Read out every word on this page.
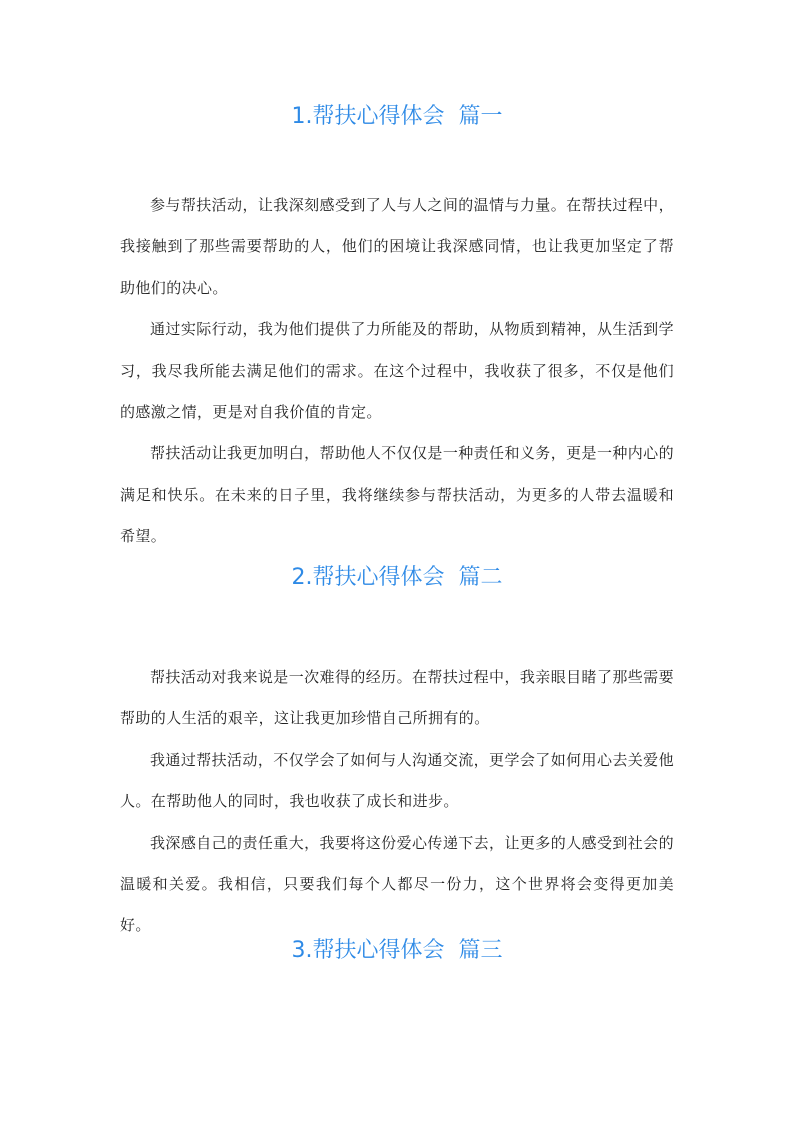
1.帮扶心得体会  篇一

参与帮扶活动，让我深刻感受到了人与人之间的温情与力量。在帮扶过程中，我接触到了那些需要帮助的人，他们的困境让我深感同情，也让我更加坚定了帮助他们的决心。

通过实际行动，我为他们提供了力所能及的帮助，从物质到精神，从生活到学习，我尽我所能去满足他们的需求。在这个过程中，我收获了很多，不仅是他们的感激之情，更是对自我价值的肯定。

帮扶活动让我更加明白，帮助他人不仅仅是一种责任和义务，更是一种内心的满足和快乐。在未来的日子里，我将继续参与帮扶活动，为更多的人带去温暖和希望。

2.帮扶心得体会  篇二

帮扶活动对我来说是一次难得的经历。在帮扶过程中，我亲眼目睹了那些需要帮助的人生活的艰辛，这让我更加珍惜自己所拥有的。

我通过帮扶活动，不仅学会了如何与人沟通交流，更学会了如何用心去关爱他人。在帮助他人的同时，我也收获了成长和进步。

我深感自己的责任重大，我要将这份爱心传递下去，让更多的人感受到社会的温暖和关爱。我相信，只要我们每个人都尽一份力，这个世界将会变得更加美好。

3.帮扶心得体会  篇三
